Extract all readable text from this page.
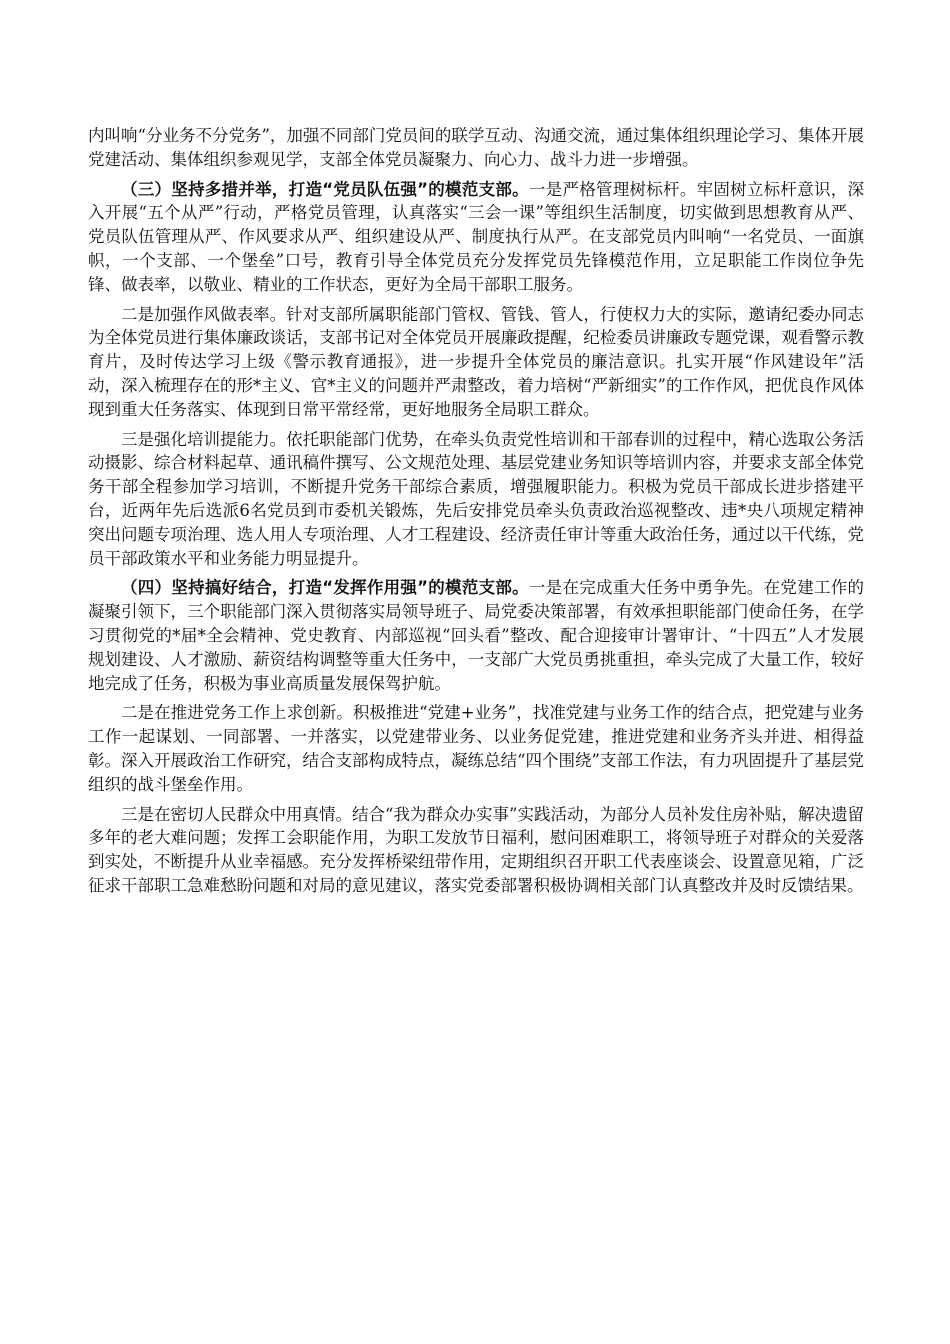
内叫响“分业务不分党务”，加强不同部门党员间的联学互动、沟通交流，通过集体组织理论学习、集体开展党建活动、集体组织参观见学，支部全体党员凝聚力、向心力、战斗力进一步增强。

（三）坚持多措并举，打造“党员队伍强”的模范支部。一是严格管理树标杆。牢固树立标杆意识，深入开展“五个从严”行动，严格党员管理，认真落实“三会一课”等组织生活制度，切实做到思想教育从严、党员队伍管理从严、作风要求从严、组织建设从严、制度执行从严。在支部党员内叫响“一名党员、一面旗帜，一个支部、一个堡垒”口号，教育引导全体党员充分发挥党员先锋模范作用，立足职能工作岗位争先锋、做表率，以敬业、精业的工作状态，更好为全局干部职工服务。

二是加强作风做表率。针对支部所属职能部门管权、管钱、管人，行使权力大的实际，邀请纪委办同志为全体党员进行集体廉政谈话，支部书记对全体党员开展廉政提醒，纪检委员讲廉政专题党课，观看警示教育片，及时传达学习上级《警示教育通报》，进一步提升全体党员的廉洁意识。扎实开展“作风建设年”活动，深入梳理存在的形*主义、官*主义的问题并严肃整改，着力培树“严新细实”的工作作风，把优良作风体现到重大任务落实、体现到日常平常经常，更好地服务全局职工群众。

三是强化培训提能力。依托职能部门优势，在牵头负责党性培训和干部春训的过程中，精心选取公务活动摄影、综合材料起草、通讯稿件撰写、公文规范处理、基层党建业务知识等培训内容，并要求支部全体党务干部全程参加学习培训，不断提升党务干部综合素质，增强履职能力。积极为党员干部成长进步搭建平台，近两年先后选派6名党员到市委机关锻炼，先后安排党员牵头负责政治巡视整改、违*央八项规定精神突出问题专项治理、选人用人专项治理、人才工程建设、经济责任审计等重大政治任务，通过以干代练，党员干部政策水平和业务能力明显提升。

（四）坚持搞好结合，打造“发挥作用强”的模范支部。一是在完成重大任务中勇争先。在党建工作的凝聚引领下，三个职能部门深入贯彻落实局领导班子、局党委决策部署，有效承担职能部门使命任务，在学习贯彻党的*届*全会精神、党史教育、内部巡视“回头看”整改、配合迎接审计署审计、“十四五”人才发展规划建设、人才激励、薪资结构调整等重大任务中，一支部广大党员勇挑重担，牵头完成了大量工作，较好地完成了任务，积极为事业高质量发展保驾护航。

二是在推进党务工作上求创新。积极推进“党建+业务”，找准党建与业务工作的结合点，把党建与业务工作一起谋划、一同部署、一并落实，以党建带业务、以业务促党建，推进党建和业务齐头并进、相得益彰。深入开展政治工作研究，结合支部构成特点，凝练总结“四个围绕”支部工作法，有力巩固提升了基层党组织的战斗堡垒作用。

三是在密切人民群众中用真情。结合“我为群众办实事”实践活动，为部分人员补发住房补贴，解决遗留多年的老大难问题；发挥工会职能作用，为职工发放节日福利，慰问困难职工，将领导班子对群众的关爱落到实处，不断提升从业幸福感。充分发挥桥梁纽带作用，定期组织召开职工代表座谈会、设置意见箱，广泛征求干部职工急难愁盼问题和对局的意见建议，落实党委部署积极协调相关部门认真整改并及时反馈结果。
